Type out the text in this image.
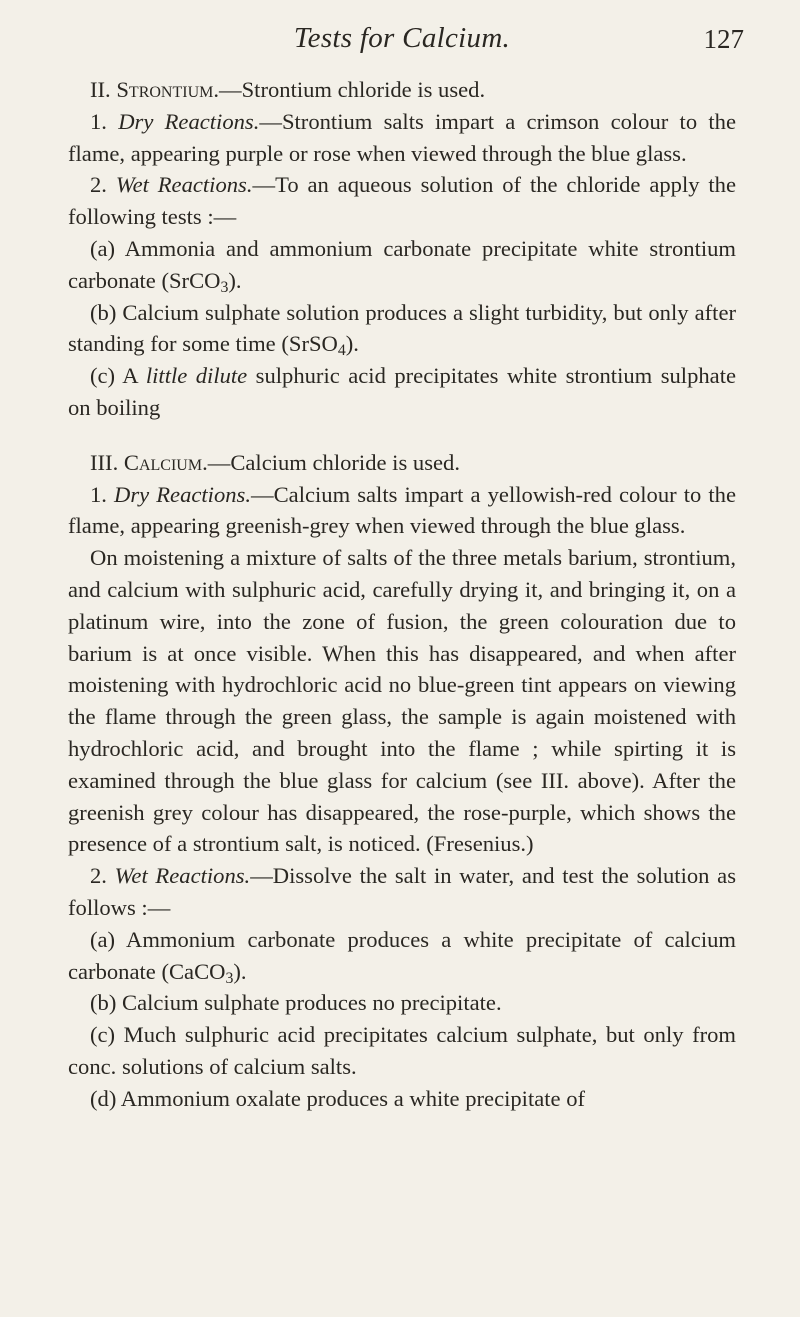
Tests for Calcium.	127

II. Strontium.—Strontium chloride is used.

1. Dry Reactions.—Strontium salts impart a crimson colour to the flame, appearing purple or rose when viewed through the blue glass.

2. Wet Reactions.—To an aqueous solution of the chloride apply the following tests :—

(a) Ammonia and ammonium carbonate precipitate white strontium carbonate (SrCO$_3$).

(b) Calcium sulphate solution produces a slight turbidity, but only after standing for some time (SrSO$_4$).

(c) A little dilute sulphuric acid precipitates white strontium sulphate on boiling

III. Calcium.—Calcium chloride is used.

1. Dry Reactions.—Calcium salts impart a yellowish-red colour to the flame, appearing greenish-grey when viewed through the blue glass.

On moistening a mixture of salts of the three metals barium, strontium, and calcium with sulphuric acid, carefully drying it, and bringing it, on a platinum wire, into the zone of fusion, the green colouration due to barium is at once visible. When this has disappeared, and when after moistening with hydrochloric acid no blue-green tint appears on viewing the flame through the green glass, the sample is again moistened with hydrochloric acid, and brought into the flame ; while spirting it is examined through the blue glass for calcium (see III. above). After the greenish grey colour has disappeared, the rose-purple, which shows the presence of a strontium salt, is noticed. (Fresenius.)

2. Wet Reactions.—Dissolve the salt in water, and test the solution as follows :—

(a) Ammonium carbonate produces a white precipitate of calcium carbonate (CaCO$_3$).

(b) Calcium sulphate produces no precipitate.

(c) Much sulphuric acid precipitates calcium sulphate, but only from conc. solutions of calcium salts.

(d) Ammonium oxalate produces a white precipitate of
